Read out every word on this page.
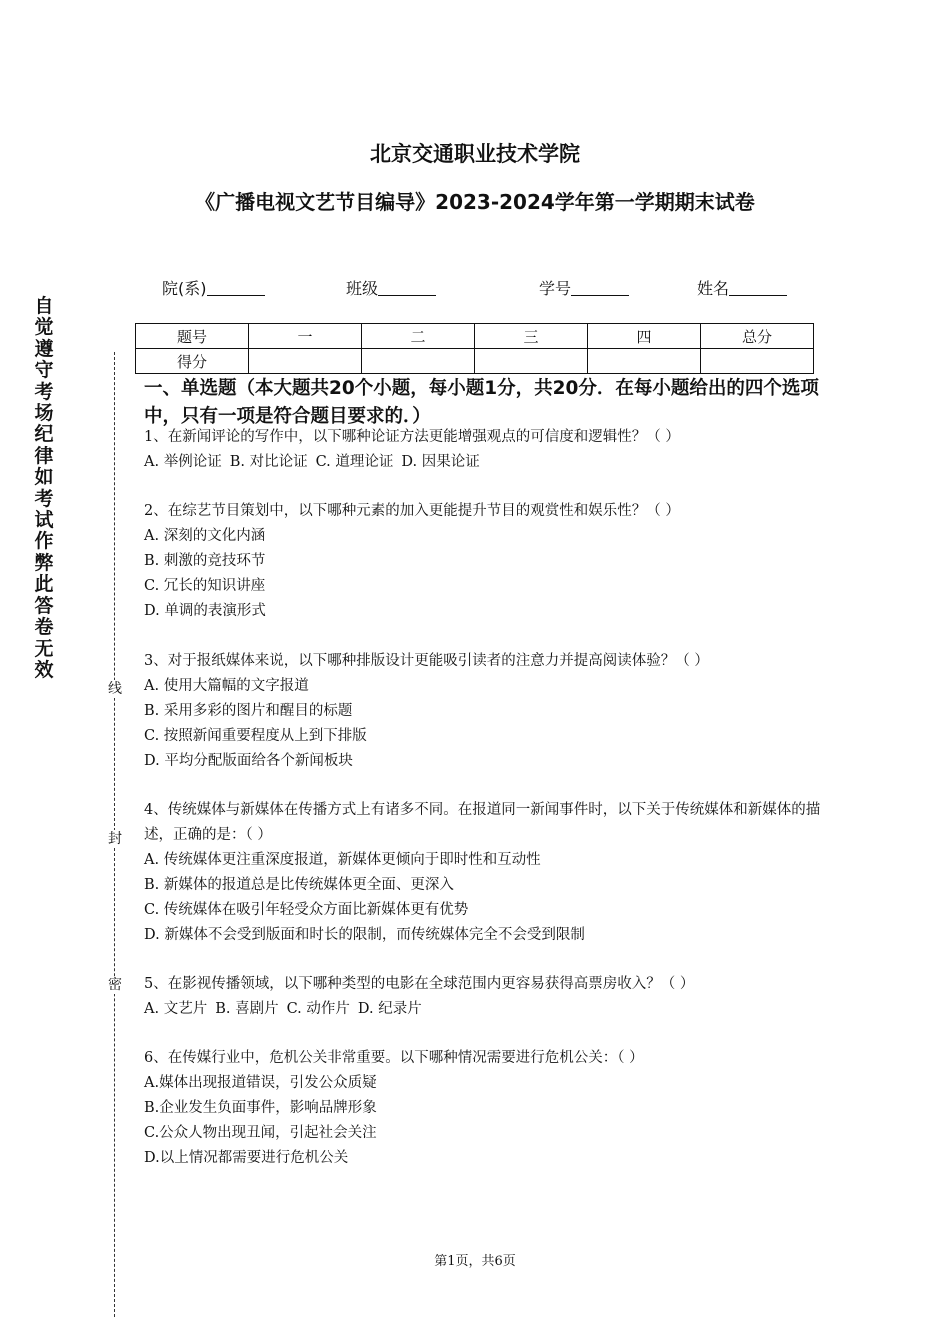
北京交通职业技术学院
《广播电视文艺节目编导》2023-2024学年第一学期期末试卷
院(系)	班级	学号	姓名
题号	一	二	三	四	总分
得分					
自觉遵守考场纪律如考试作弊此答卷无效
线
封
密
一、单选题（本大题共20个小题，每小题1分，共20分．在每小题给出的四个选项中，只有一项是符合题目要求的．）
1、在新闻评论的写作中，以下哪种论证方法更能增强观点的可信度和逻辑性？（ ）
A. 举例论证 B. 对比论证 C. 道理论证 D. 因果论证
2、在综艺节目策划中，以下哪种元素的加入更能提升节目的观赏性和娱乐性？（ ）
A. 深刻的文化内涵
B. 刺激的竞技环节
C. 冗长的知识讲座
D. 单调的表演形式
3、对于报纸媒体来说，以下哪种排版设计更能吸引读者的注意力并提高阅读体验？（ ）
A. 使用大篇幅的文字报道
B. 采用多彩的图片和醒目的标题
C. 按照新闻重要程度从上到下排版
D. 平均分配版面给各个新闻板块
4、传统媒体与新媒体在传播方式上有诸多不同。在报道同一新闻事件时，以下关于传统媒体和新媒体的描述，正确的是：（ ）
A. 传统媒体更注重深度报道，新媒体更倾向于即时性和互动性
B. 新媒体的报道总是比传统媒体更全面、更深入
C. 传统媒体在吸引年轻受众方面比新媒体更有优势
D. 新媒体不会受到版面和时长的限制，而传统媒体完全不会受到限制
5、在影视传播领域，以下哪种类型的电影在全球范围内更容易获得高票房收入？（ ）
A. 文艺片 B. 喜剧片 C. 动作片 D. 纪录片
6、在传媒行业中，危机公关非常重要。以下哪种情况需要进行危机公关：（ ）
A.媒体出现报道错误，引发公众质疑
B.企业发生负面事件，影响品牌形象
C.公众人物出现丑闻，引起社会关注
D.以上情况都需要进行危机公关
第1页，共6页
